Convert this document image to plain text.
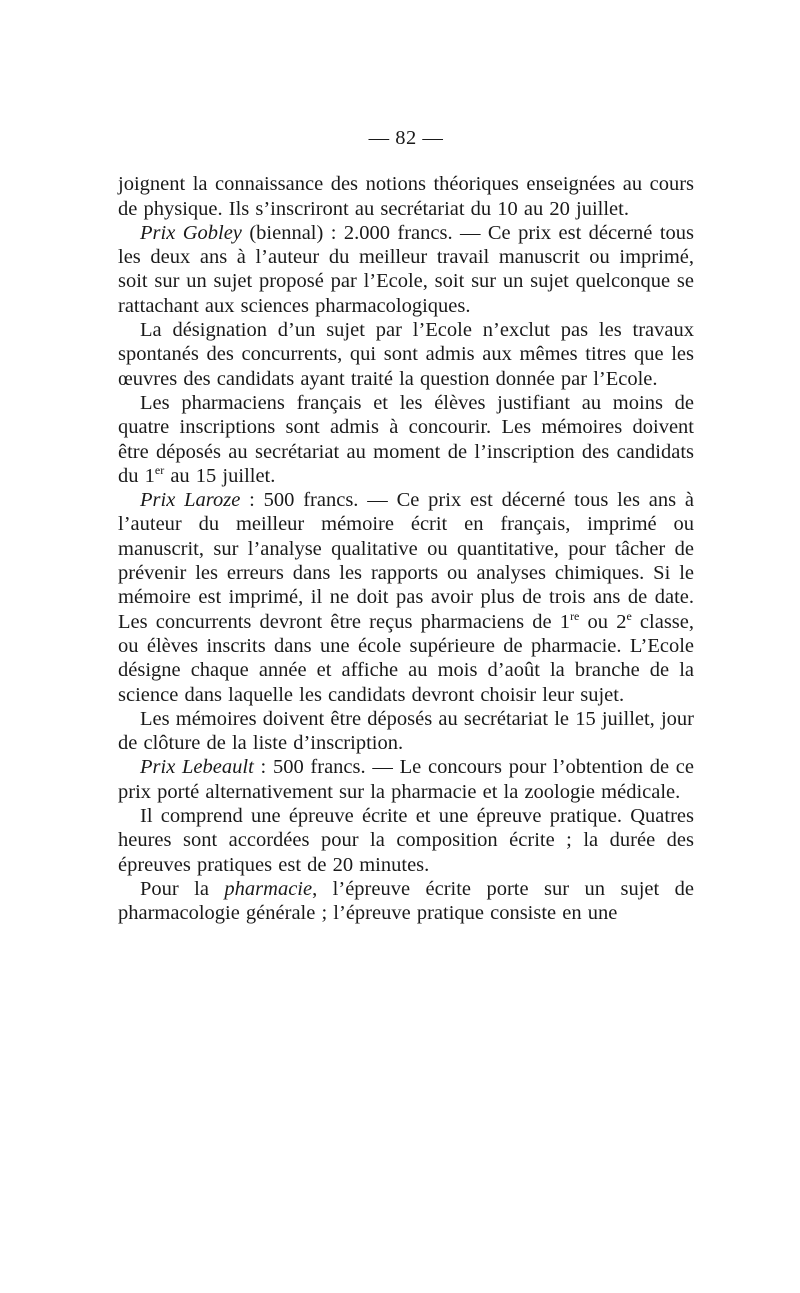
— 82 —

joignent la connaissance des notions théoriques enseignées au cours de physique. Ils s’inscriront au secrétariat du 10 au 20 juillet.

Prix Gobley (biennal) : 2.000 francs. — Ce prix est décerné tous les deux ans à l’auteur du meilleur travail manuscrit ou imprimé, soit sur un sujet proposé par l’Ecole, soit sur un sujet quelconque se rattachant aux sciences pharmacologiques.

La désignation d’un sujet par l’Ecole n’exclut pas les travaux spontanés des concurrents, qui sont admis aux mêmes titres que les œuvres des candidats ayant traité la question donnée par l’Ecole.

Les pharmaciens français et les élèves justifiant au moins de quatre inscriptions sont admis à concourir. Les mémoires doivent être déposés au secrétariat au moment de l’inscription des candidats du 1er au 15 juillet.

Prix Laroze : 500 francs. — Ce prix est décerné tous les ans à l’auteur du meilleur mémoire écrit en français, imprimé ou manuscrit, sur l’analyse qualitative ou quantitative, pour tâcher de prévenir les erreurs dans les rapports ou analyses chimiques. Si le mémoire est imprimé, il ne doit pas avoir plus de trois ans de date. Les concurrents devront être reçus pharmaciens de 1re ou 2e classe, ou élèves inscrits dans une école supérieure de pharmacie. L’Ecole désigne chaque année et affiche au mois d’août la branche de la science dans laquelle les candidats devront choisir leur sujet.

Les mémoires doivent être déposés au secrétariat le 15 juillet, jour de clôture de la liste d’inscription.

Prix Lebeault : 500 francs. — Le concours pour l’obtention de ce prix porté alternativement sur la pharmacie et la zoologie médicale.

Il comprend une épreuve écrite et une épreuve pratique. Quatres heures sont accordées pour la composition écrite ; la durée des épreuves pratiques est de 20 minutes.

Pour la pharmacie, l’épreuve écrite porte sur un sujet de pharmacologie générale ; l’épreuve pratique consiste en une
